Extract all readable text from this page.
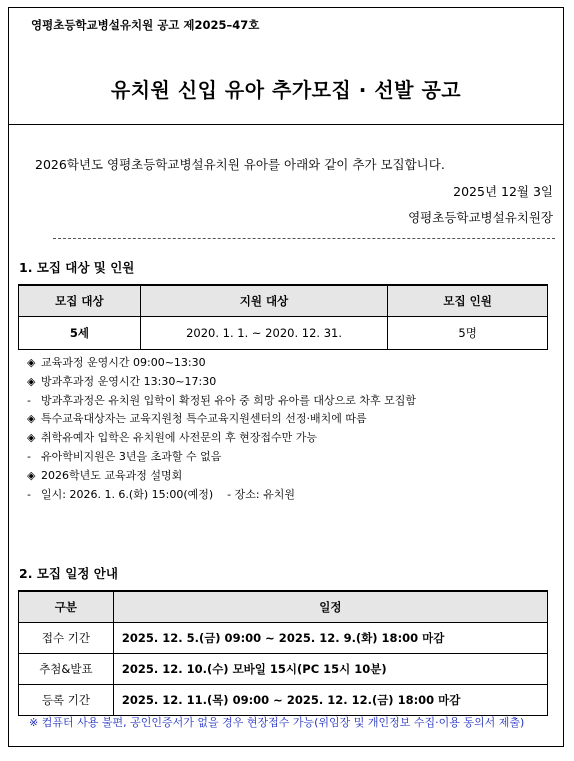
영평초등학교병설유치원 공고 제2025–47호
유치원 신입 유아 추가모집 · 선발 공고
2026학년도 영평초등학교병설유치원 유아를 아래와 같이 추가 모집합니다.
2025년 12월 3일
영평초등학교병설유치원장
1. 모집 대상 및 인원
모집 대상	지원 대상	모집 인원
5세	2020. 1. 1. ~ 2020. 12. 31.	5명
◈ 교육과정 운영시간 09:00~13:30
◈ 방과후과정 운영시간 13:30~17:30
- 방과후과정은 유치원 입학이 확정된 유아 중 희망 유아를 대상으로 차후 모집함
◈ 특수교육대상자는 교육지원청 특수교육지원센터의 선정·배치에 따름
◈ 취학유예자 입학은 유치원에 사전문의 후 현장접수만 가능
- 유아학비지원은 3년을 초과할 수 없음
◈ 2026학년도 교육과정 설명회
- 일시: 2026. 1. 6.(화) 15:00(예정)    - 장소: 유치원
2. 모집 일정 안내
구분	일정
접수 기간	2025. 12. 5.(금) 09:00 ~ 2025. 12. 9.(화) 18:00 마감
추첨&발표	2025. 12. 10.(수) 모바일 15시(PC 15시 10분)
등록 기간	2025. 12. 11.(목) 09:00 ~ 2025. 12. 12.(금) 18:00 마감
※ 컴퓨터 사용 불편, 공인인증서가 없을 경우 현장접수 가능(위임장 및 개인정보 수집·이용 동의서 제출)
